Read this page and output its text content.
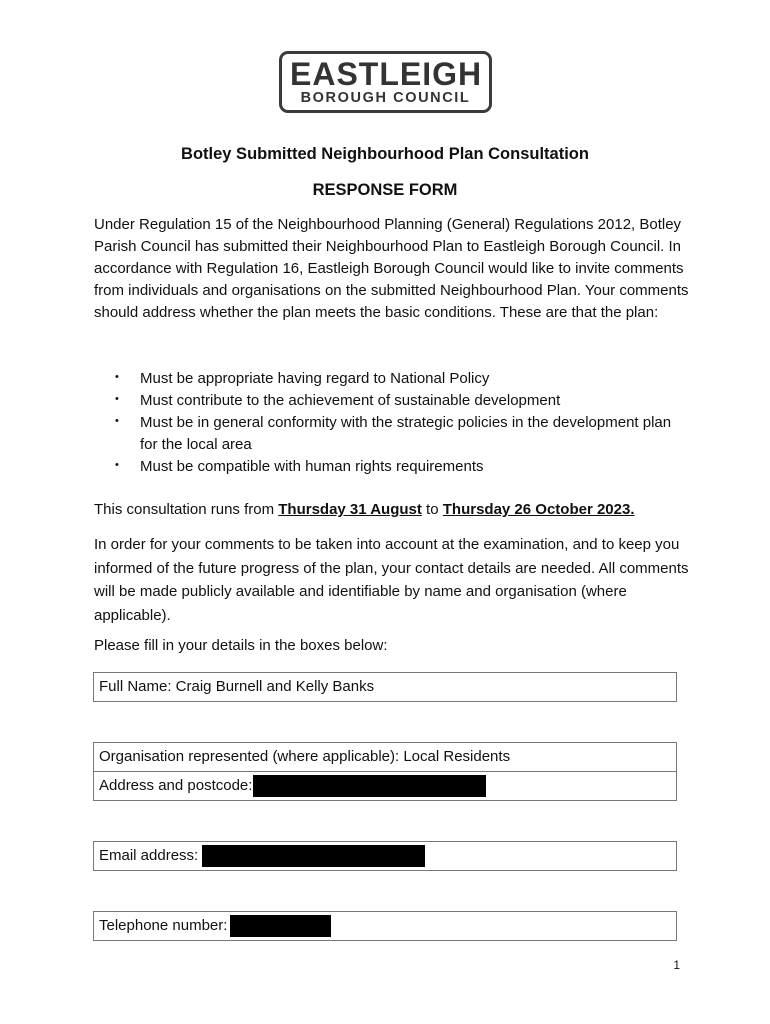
EASTLEIGH
BOROUGH COUNCIL
Botley Submitted Neighbourhood Plan Consultation
RESPONSE FORM
Under Regulation 15 of the Neighbourhood Planning (General) Regulations 2012, Botley Parish Council has submitted their Neighbourhood Plan to Eastleigh Borough Council. In accordance with Regulation 16, Eastleigh Borough Council would like to invite comments from individuals and organisations on the submitted Neighbourhood Plan. Your comments should address whether the plan meets the basic conditions. These are that the plan:
• Must be appropriate having regard to National Policy
• Must contribute to the achievement of sustainable development
• Must be in general conformity with the strategic policies in the development plan for the local area
• Must be compatible with human rights requirements
This consultation runs from Thursday 31 August to Thursday 26 October 2023.
In order for your comments to be taken into account at the examination, and to keep you informed of the future progress of the plan, your contact details are needed. All comments will be made publicly available and identifiable by name and organisation (where applicable).
Please fill in your details in the boxes below:
Full Name: Craig Burnell and Kelly Banks
Organisation represented (where applicable): Local Residents
Address and postcode:
Email address:
Telephone number:
1
